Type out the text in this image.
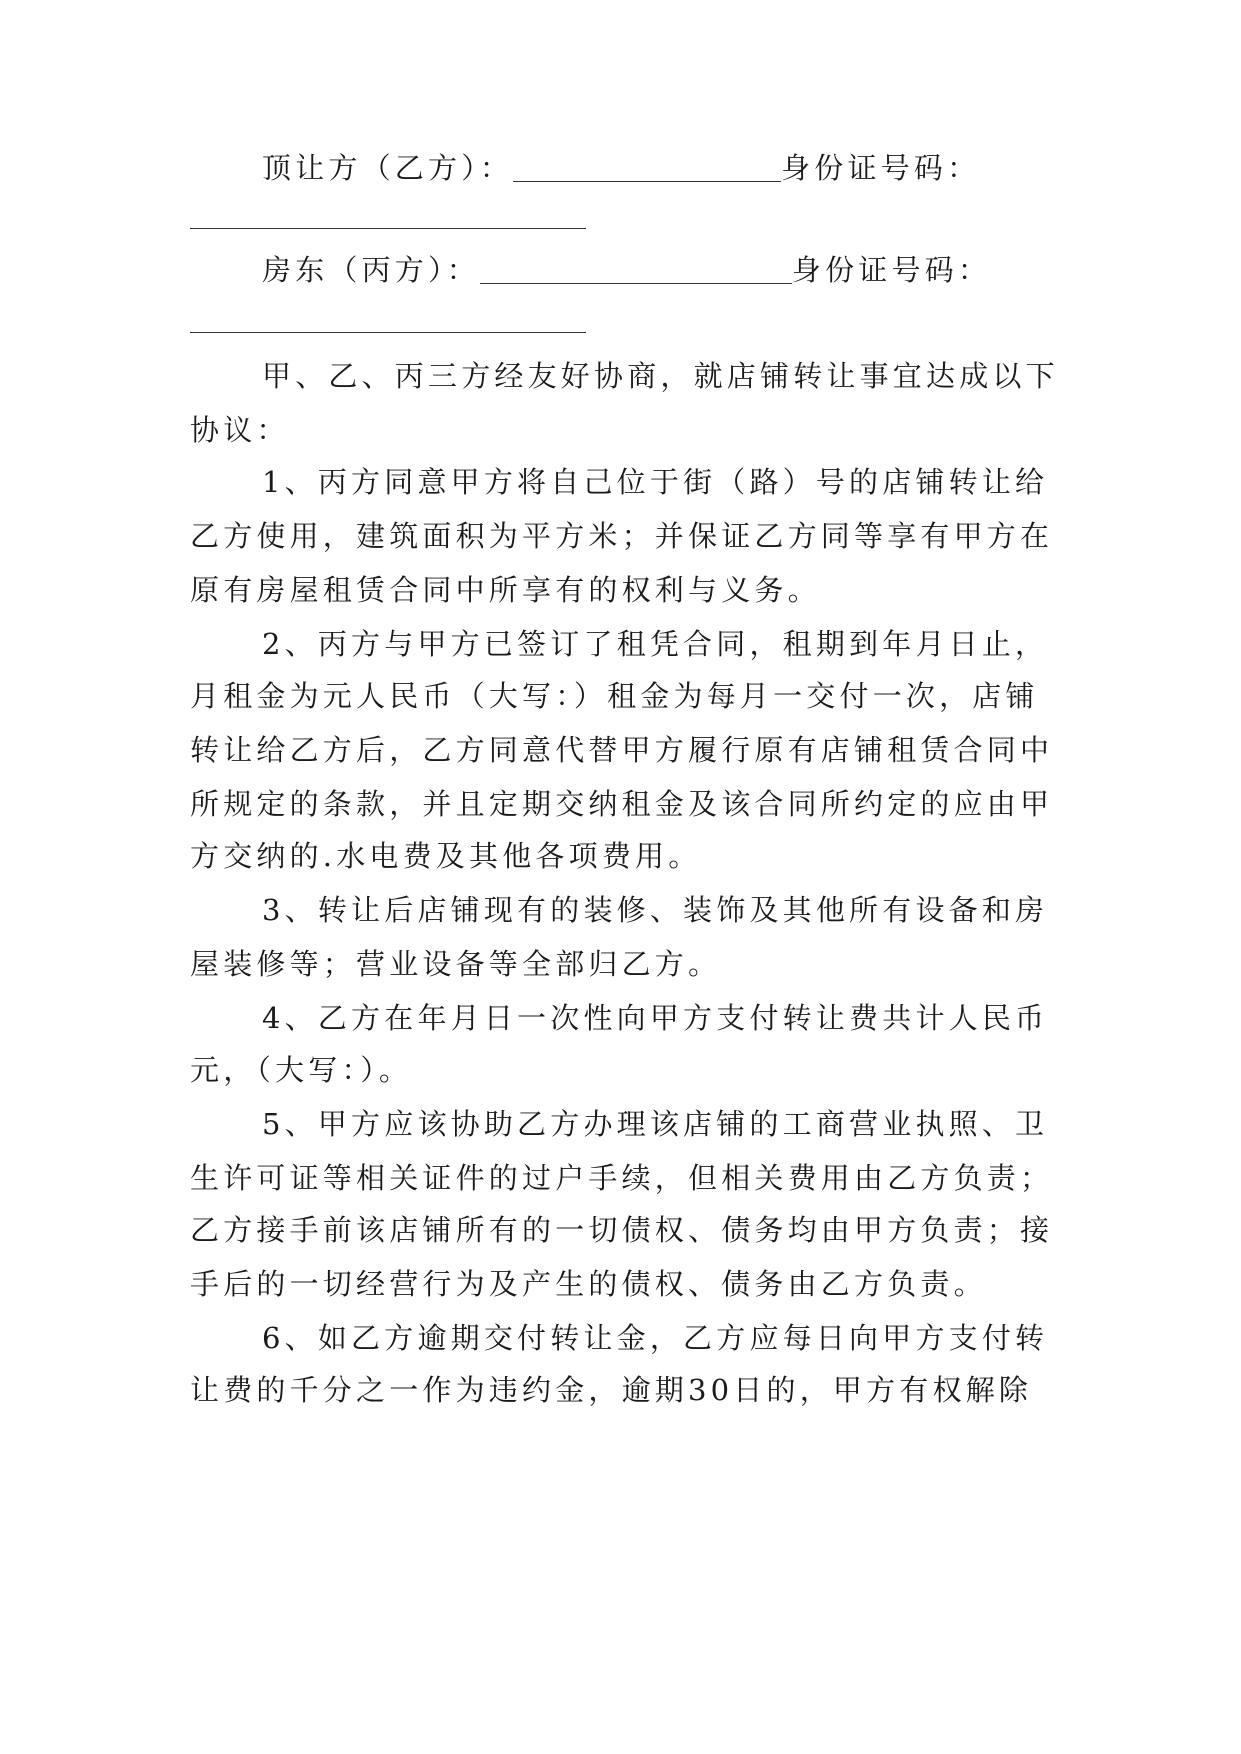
顶让方（乙方）：	身份证号码：
房东（丙方）：	身份证号码：
甲、乙、丙三方经友好协商，就店铺转让事宜达成以下
协议：
1、丙方同意甲方将自己位于街（路）号的店铺转让给
乙方使用，建筑面积为平方米；并保证乙方同等享有甲方在
原有房屋租赁合同中所享有的权利与义务。
2、丙方与甲方已签订了租凭合同，租期到年月日止，
月租金为元人民币（大写：）租金为每月一交付一次，店铺
转让给乙方后，乙方同意代替甲方履行原有店铺租赁合同中
所规定的条款，并且定期交纳租金及该合同所约定的应由甲
方交纳的.水电费及其他各项费用。
3、转让后店铺现有的装修、装饰及其他所有设备和房
屋装修等；营业设备等全部归乙方。
4、乙方在年月日一次性向甲方支付转让费共计人民币
元，（大写：）。
5、甲方应该协助乙方办理该店铺的工商营业执照、卫
生许可证等相关证件的过户手续，但相关费用由乙方负责；
乙方接手前该店铺所有的一切债权、债务均由甲方负责；接
手后的一切经营行为及产生的债权、债务由乙方负责。
6、如乙方逾期交付转让金，乙方应每日向甲方支付转
让费的千分之一作为违约金，逾期30日的，甲方有权解除
